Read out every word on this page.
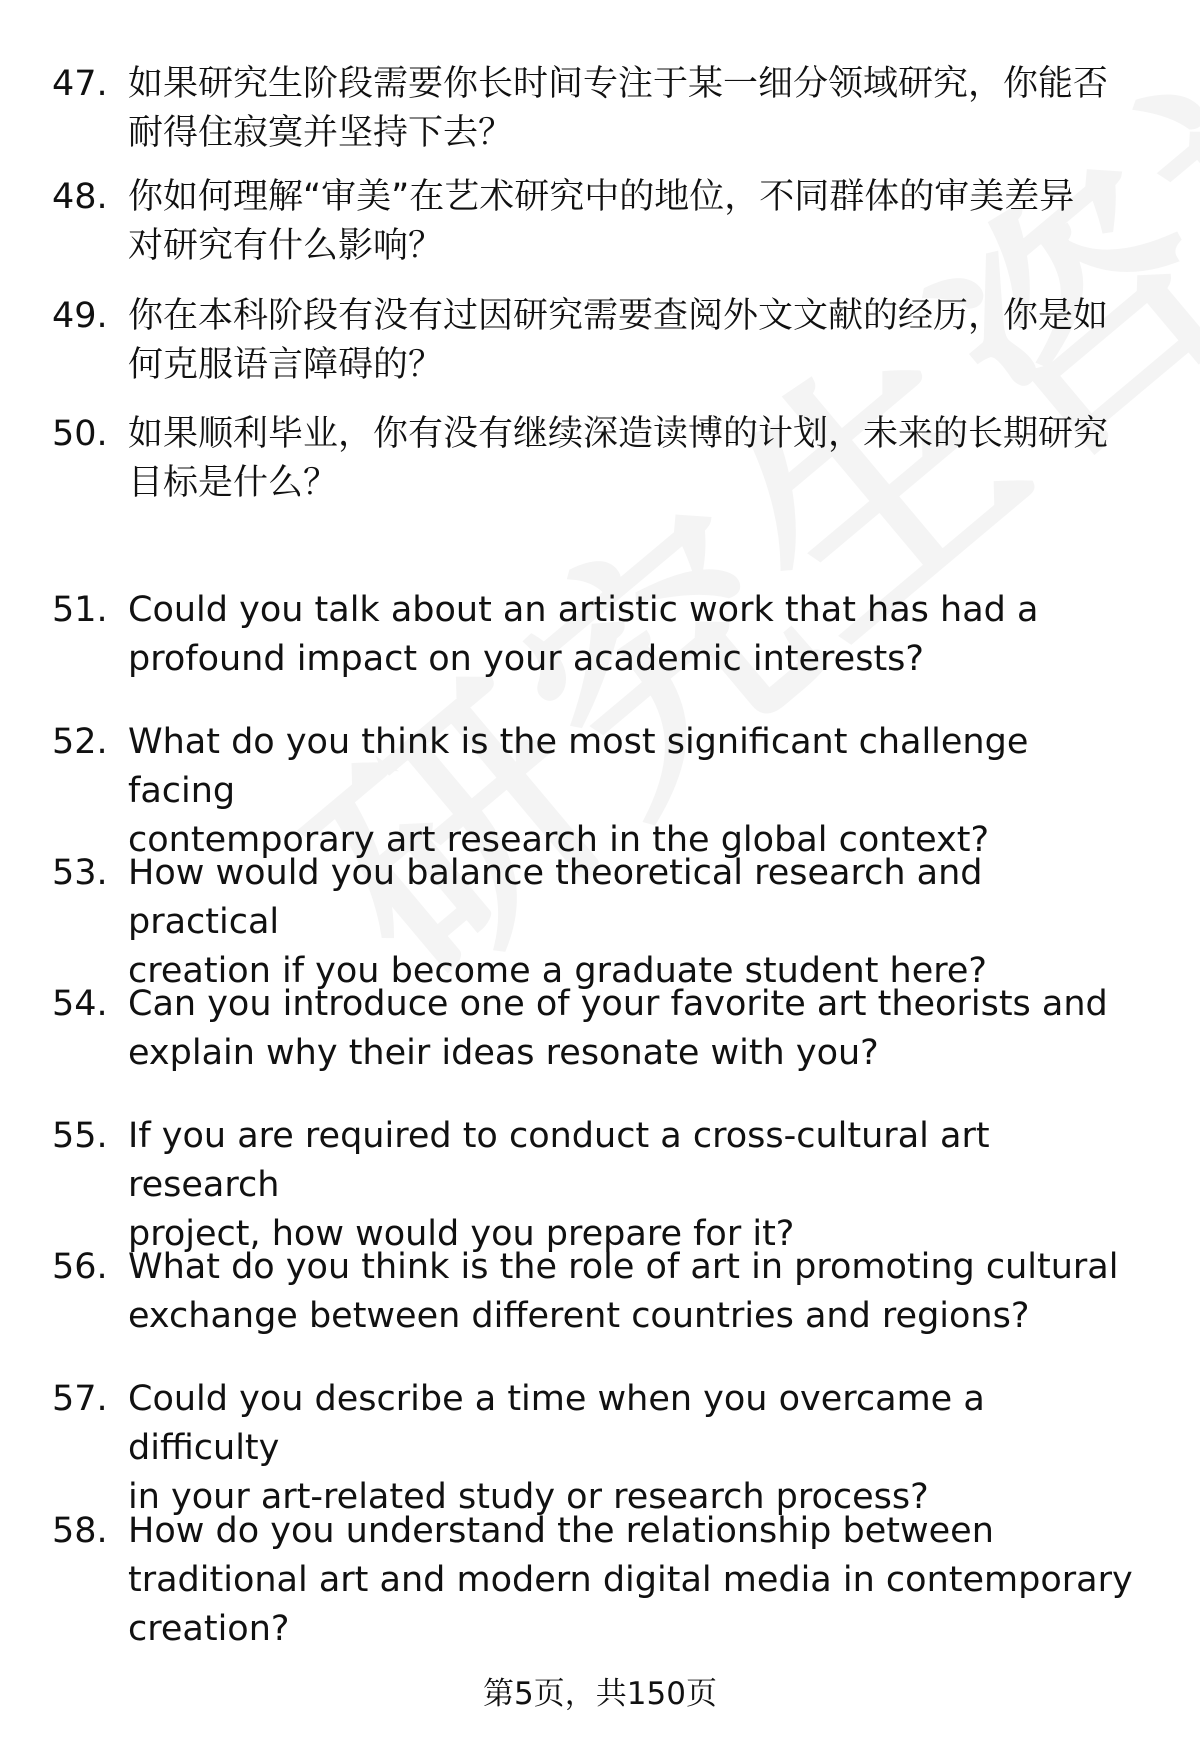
47. 如果研究生阶段需要你长时间专注于某一细分领域研究，你能否
耐得住寂寞并坚持下去？
48. 你如何理解“审美”在艺术研究中的地位，不同群体的审美差异
对研究有什么影响？
49. 你在本科阶段有没有过因研究需要查阅外文文献的经历，你是如
何克服语言障碍的？
50. 如果顺利毕业，你有没有继续深造读博的计划，未来的长期研究
目标是什么？
51. Could you talk about an artistic work that has had a
profound impact on your academic interests?
52. What do you think is the most significant challenge facing
contemporary art research in the global context?
53. How would you balance theoretical research and practical
creation if you become a graduate student here?
54. Can you introduce one of your favorite art theorists and
explain why their ideas resonate with you?
55. If you are required to conduct a cross-cultural art research
project, how would you prepare for it?
56. What do you think is the role of art in promoting cultural
exchange between different countries and regions?
57. Could you describe a time when you overcame a difficulty
in your art-related study or research process?
58. How do you understand the relationship between
traditional art and modern digital media in contemporary
creation?
第5页，共150页
